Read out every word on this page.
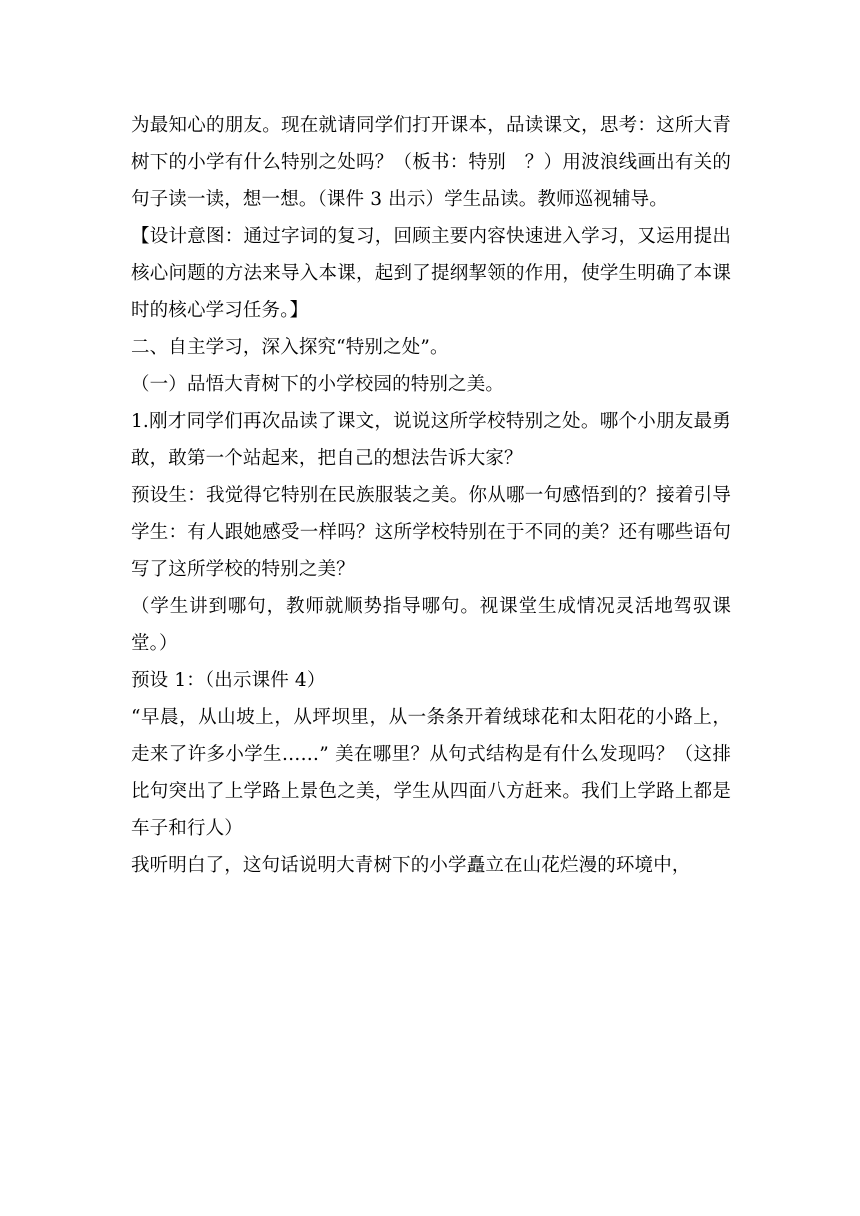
为最知心的朋友。现在就请同学们打开课本，品读课文，思考：这所大青树下的小学有什么特别之处吗？（板书：特别　？）用波浪线画出有关的句子读一读，想一想。（课件 3 出示）学生品读。教师巡视辅导。

【设计意图：通过字词的复习，回顾主要内容快速进入学习，又运用提出核心问题的方法来导入本课，起到了提纲挈领的作用，使学生明确了本课时的核心学习任务。】

二、自主学习，深入探究“特别之处”。

（一）品悟大青树下的小学校园的特别之美。

1.刚才同学们再次品读了课文，说说这所学校特别之处。哪个小朋友最勇敢，敢第一个站起来，把自己的想法告诉大家？

预设生：我觉得它特别在民族服装之美。你从哪一句感悟到的？接着引导学生：有人跟她感受一样吗？这所学校特别在于不同的美？还有哪些语句写了这所学校的特别之美？

（学生讲到哪句，教师就顺势指导哪句。视课堂生成情况灵活地驾驭课堂。）

预设 1：（出示课件 4）

“早晨，从山坡上，从坪坝里，从一条条开着绒球花和太阳花的小路上，走来了许多小学生……” 美在哪里？从句式结构是有什么发现吗？（这排比句突出了上学路上景色之美，学生从四面八方赶来。我们上学路上都是车子和行人）

我听明白了，这句话说明大青树下的小学矗立在山花烂漫的环境中，
